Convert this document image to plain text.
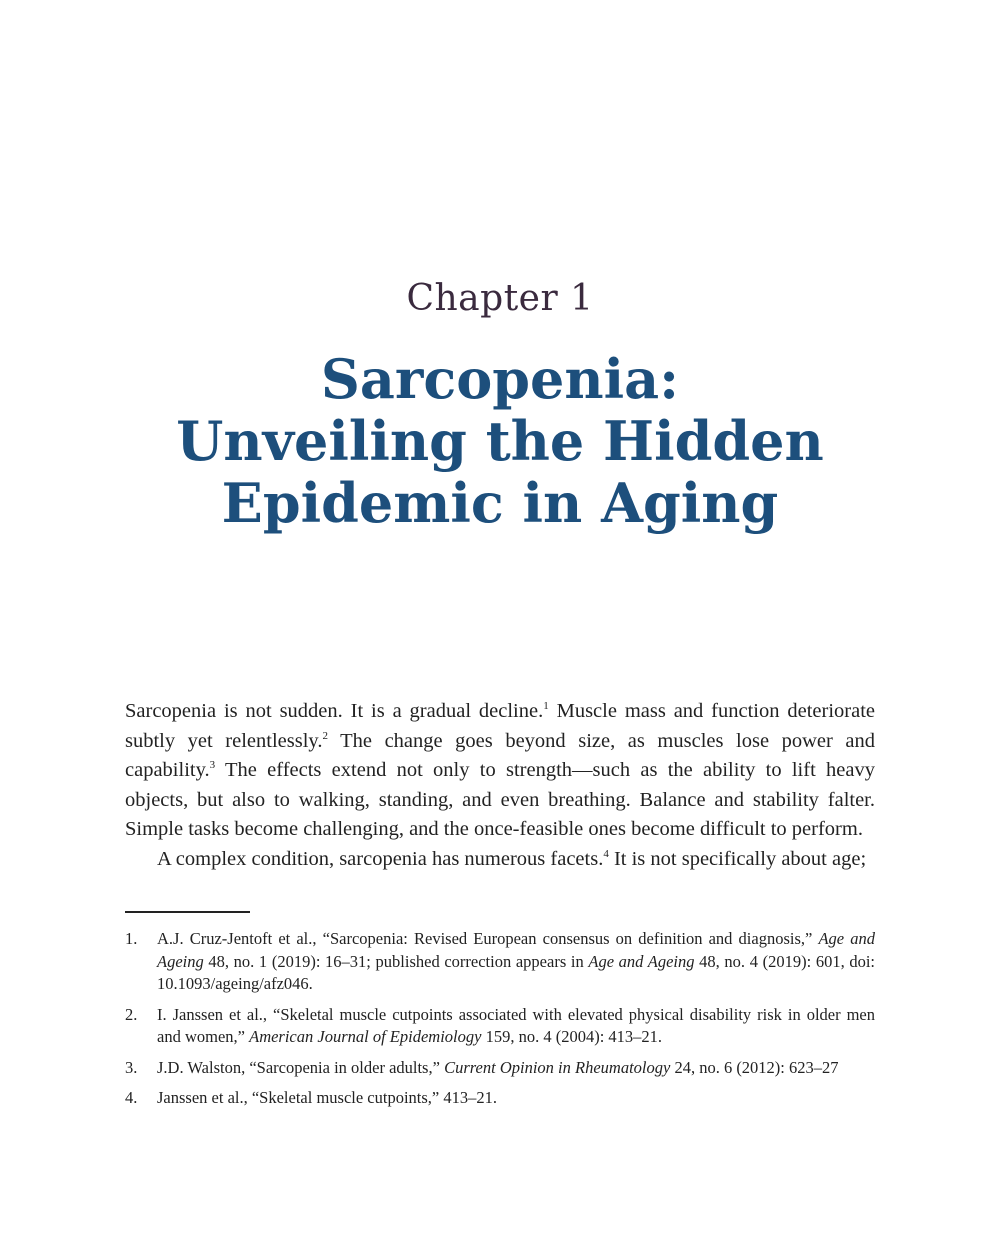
Chapter 1
Sarcopenia:
Unveiling the Hidden
Epidemic in Aging

Sarcopenia is not sudden. It is a gradual decline.$^1$ Muscle mass and function deteriorate subtly yet relentlessly.$^2$ The change goes beyond size, as muscles lose power and capability.$^3$ The effects extend not only to strength—such as the ability to lift heavy objects, but also to walking, standing, and even breathing. Balance and stability falter. Simple tasks become challenging, and the once-feasible ones become difficult to perform.

A complex condition, sarcopenia has numerous facets.$^4$ It is not specifically about age;

1.	A.J. Cruz-Jentoft et al., “Sarcopenia: Revised European consensus on definition and diagnosis,” Age and Ageing 48, no. 1 (2019): 16–31; published correction appears in Age and Ageing 48, no. 4 (2019): 601, doi: 10.1093/ageing/afz046.
2.	I. Janssen et al., “Skeletal muscle cutpoints associated with elevated physical disability risk in older men and women,” American Journal of Epidemiology 159, no. 4 (2004): 413–21.
3.	J.D. Walston, “Sarcopenia in older adults,” Current Opinion in Rheumatology 24, no. 6 (2012): 623–27
4.	Janssen et al., “Skeletal muscle cutpoints,” 413–21.
